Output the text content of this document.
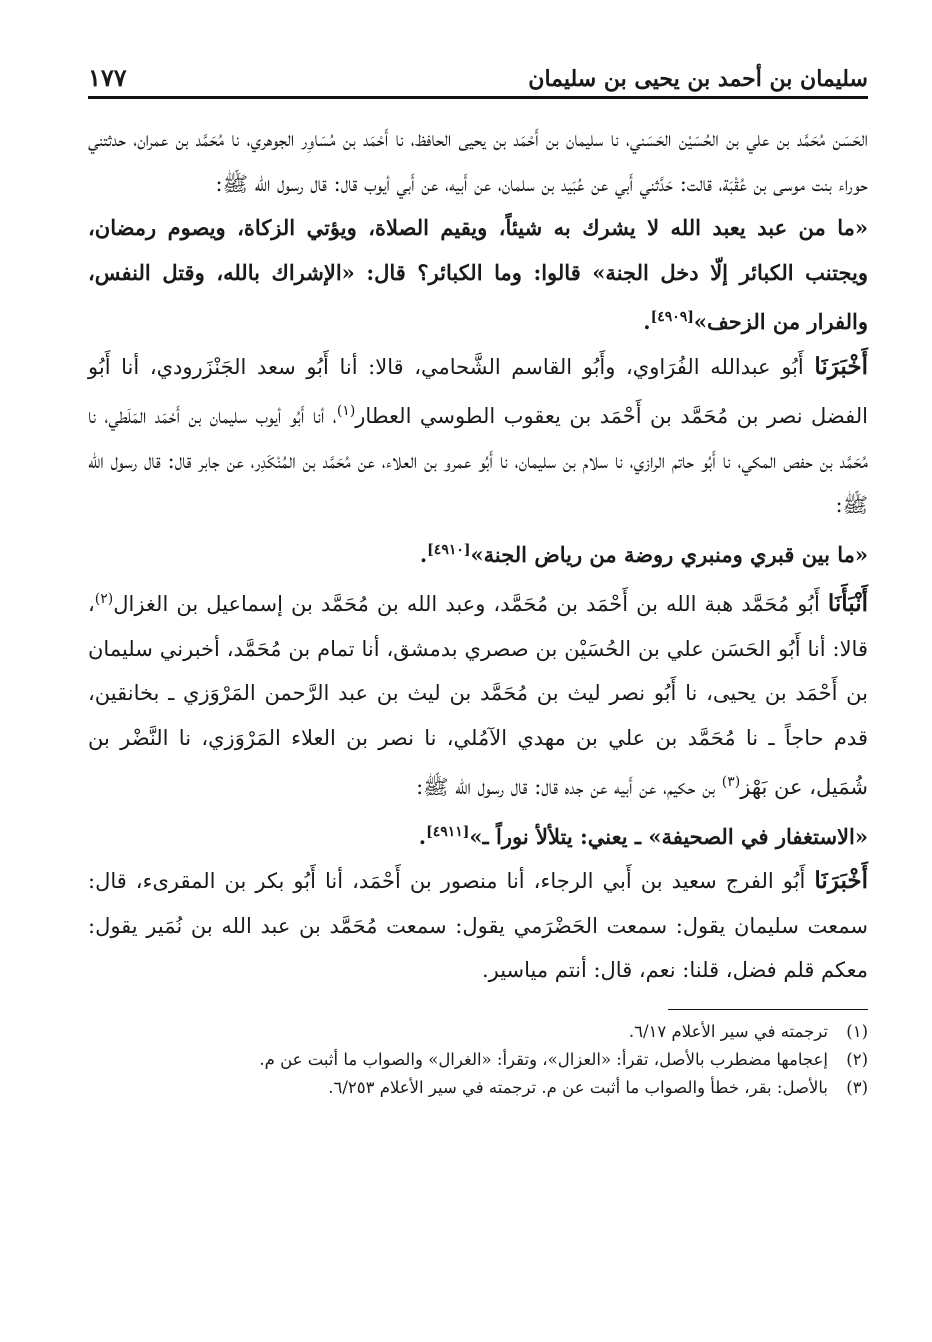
سليمان بن أحمد بن يحيى بن سليمان
١٧٧

الحَسَن مُحَمَّد بن علي بن الحُسَيْن الحَسَني، نا سليمان بن أَحْمَد بن يحيى الحافظ، نا أَحْمَد بن مُسَاوِر الجوهري، نا مُحَمَّد بن عمران، حدثتني حوراء بنت موسى بن عُقْبَة، قالت: حَدَّثني أَبي عن عُبَيد بن سلمان، عن أَبيه، عن أَبي أيوب قال: قال رسول الله ﷺ:

«ما من عبد يعبد الله لا يشرك به شيئاً، ويقيم الصلاة، ويؤتي الزكاة، ويصوم رمضان، ويجتنب الكبائر إلّا دخل الجنة» قالوا: وما الكبائر؟ قال: «الإشراك بالله، وقتل النفس، والفرار من الزحف»[٤٩٠٩].

أَخْبَرَنَا أَبُو عبدالله الفُرَاوي، وأَبُو القاسم الشَّحامي، قالا: أنا أَبُو سعد الجَنْزَرودي، أنا أَبُو الفضل نصر بن مُحَمَّد بن أَحْمَد بن يعقوب الطوسي العطار$^{(١)}$، أنا أَبُو أيوب سليمان بن أَحْمَد المَلَطي، نا مُحَمَّد بن حفص المكي، نا أَبُو حاتم الرازي، نا سلام بن سليمان، نا أَبُو عمرو بن العلاء، عن مُحَمَّد بن المُنْكَدِر، عن جابر قال: قال رسول الله ﷺ:

«ما بين قبري ومنبري روضة من رياض الجنة»[٤٩١٠].

أَنْبَأَنَا أَبُو مُحَمَّد هبة الله بن أَحْمَد بن مُحَمَّد، وعبد الله بن مُحَمَّد بن إسماعيل بن الغزال$^{(٢)}$، قالا: أنا أَبُو الحَسَن علي بن الحُسَيْن بن صصري بدمشق، أنا تمام بن مُحَمَّد، أخبرني سليمان بن أَحْمَد بن يحيى، نا أَبُو نصر ليث بن مُحَمَّد بن ليث بن عبد الرَّحمن المَرْوَزي ـ بخانقين، قدم حاجاً ـ نا مُحَمَّد بن علي بن مهدي الآمُلي، نا نصر بن العلاء المَرْوَزي، نا النَّضْر بن شُمَيل، عن بَهْز$^{(٣)}$ بن حكيم، عن أَبيه عن جده قال: قال رسول الله ﷺ:

«الاستغفار في الصحيفة» ـ يعني: يتلألأ نوراً ـ»[٤٩١١].

أَخْبَرَنَا أَبُو الفرج سعيد بن أَبي الرجاء، أنا منصور بن أَحْمَد، أنا أَبُو بكر بن المقرىء، قال: سمعت سليمان يقول: سمعت الحَضْرَمي يقول: سمعت مُحَمَّد بن عبد الله بن نُمَير يقول: معكم قلم فضل، قلنا: نعم، قال: أنتم مياسير.

(١)
ترجمته في سير الأعلام ٦/١٧.
(٢)
إعجامها مضطرب بالأصل، تقرأ: «العزال»، وتقرأ: «الغرال» والصواب ما أثبت عن م.
(٣)
بالأصل: بقر، خطأ والصواب ما أثبت عن م. ترجمته في سير الأعلام ٦/٢٥٣.
